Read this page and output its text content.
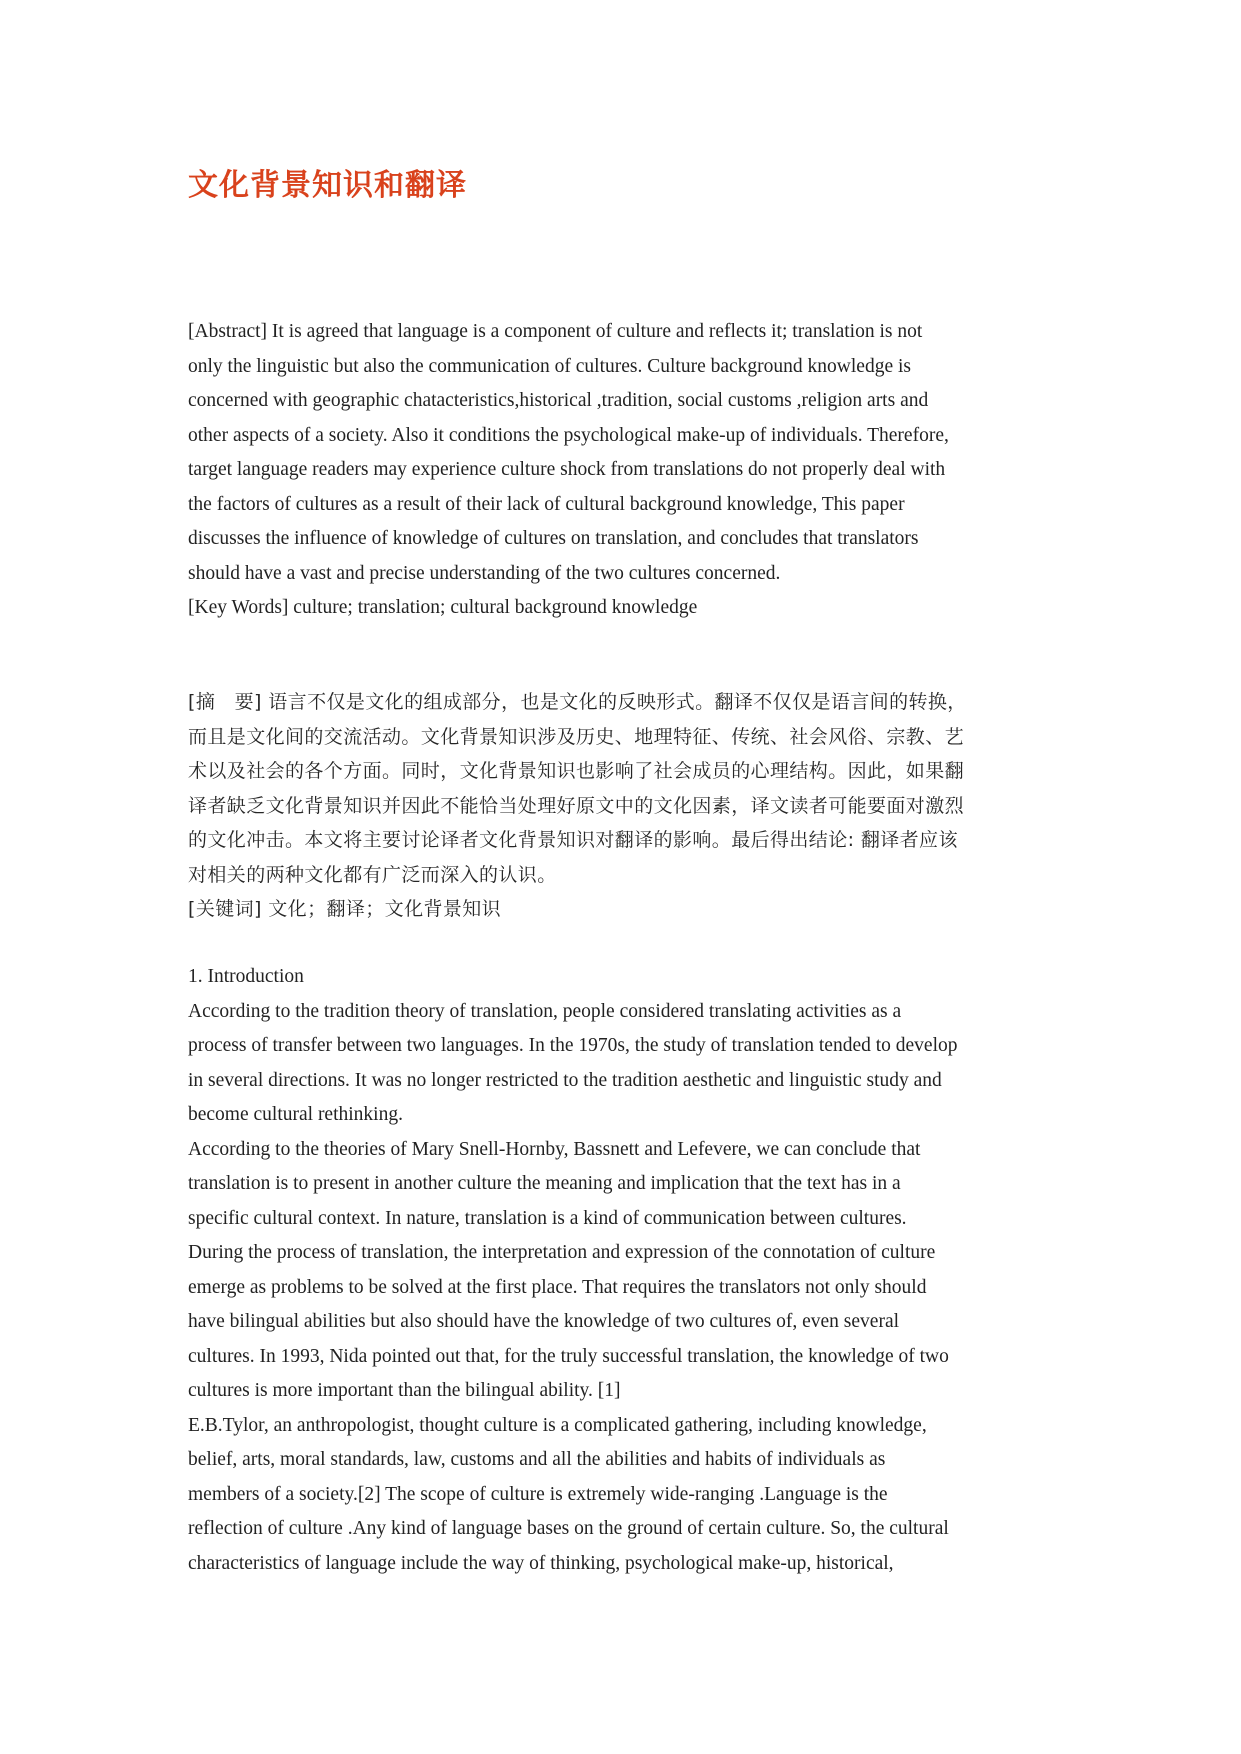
文化背景知识和翻译
[Abstract] It is agreed that language is a component of culture and reflects it; translation is not
only the linguistic but also the communication of cultures. Culture background knowledge is
concerned with geographic chatacteristics,historical ,tradition, social customs ,religion arts and
other aspects of a society. Also it conditions the psychological make-up of individuals. Therefore,
target language readers may experience culture shock from translations do not properly deal with
the factors of cultures as a result of their lack of cultural background knowledge, This paper
discusses the influence of knowledge of cultures on translation, and concludes that translators
should have a vast and precise understanding of the two cultures concerned.
[Key Words] culture; translation; cultural background knowledge
[摘　要] 语言不仅是文化的组成部分，也是文化的反映形式。翻译不仅仅是语言间的转换，
而且是文化间的交流活动。文化背景知识涉及历史、地理特征、传统、社会风俗、宗教、艺
术以及社会的各个方面。同时，文化背景知识也影响了社会成员的心理结构。因此，如果翻
译者缺乏文化背景知识并因此不能恰当处理好原文中的文化因素，译文读者可能要面对激烈
的文化冲击。本文将主要讨论译者文化背景知识对翻译的影响。最后得出结论: 翻译者应该
对相关的两种文化都有广泛而深入的认识。
[关键词] 文化；翻译；文化背景知识
1. Introduction
According to the tradition theory of translation, people considered translating activities as a
process of transfer between two languages. In the 1970s, the study of translation tended to develop
in several directions. It was no longer restricted to the tradition aesthetic and linguistic study and
become cultural rethinking.
According to the theories of Mary Snell-Hornby, Bassnett and Lefevere, we can conclude that
translation is to present in another culture the meaning and implication that the text has in a
specific cultural context. In nature, translation is a kind of communication between cultures.
During the process of translation, the interpretation and expression of the connotation of culture
emerge as problems to be solved at the first place. That requires the translators not only should
have bilingual abilities but also should have the knowledge of two cultures of, even several
cultures. In 1993, Nida pointed out that, for the truly successful translation, the knowledge of two
cultures is more important than the bilingual ability. [1]
E.B.Tylor, an anthropologist, thought culture is a complicated gathering, including knowledge,
belief, arts, moral standards, law, customs and all the abilities and habits of individuals as
members of a society.[2] The scope of culture is extremely wide-ranging .Language is the
reflection of culture .Any kind of language bases on the ground of certain culture. So, the cultural
characteristics of language include the way of thinking, psychological make-up, historical,
